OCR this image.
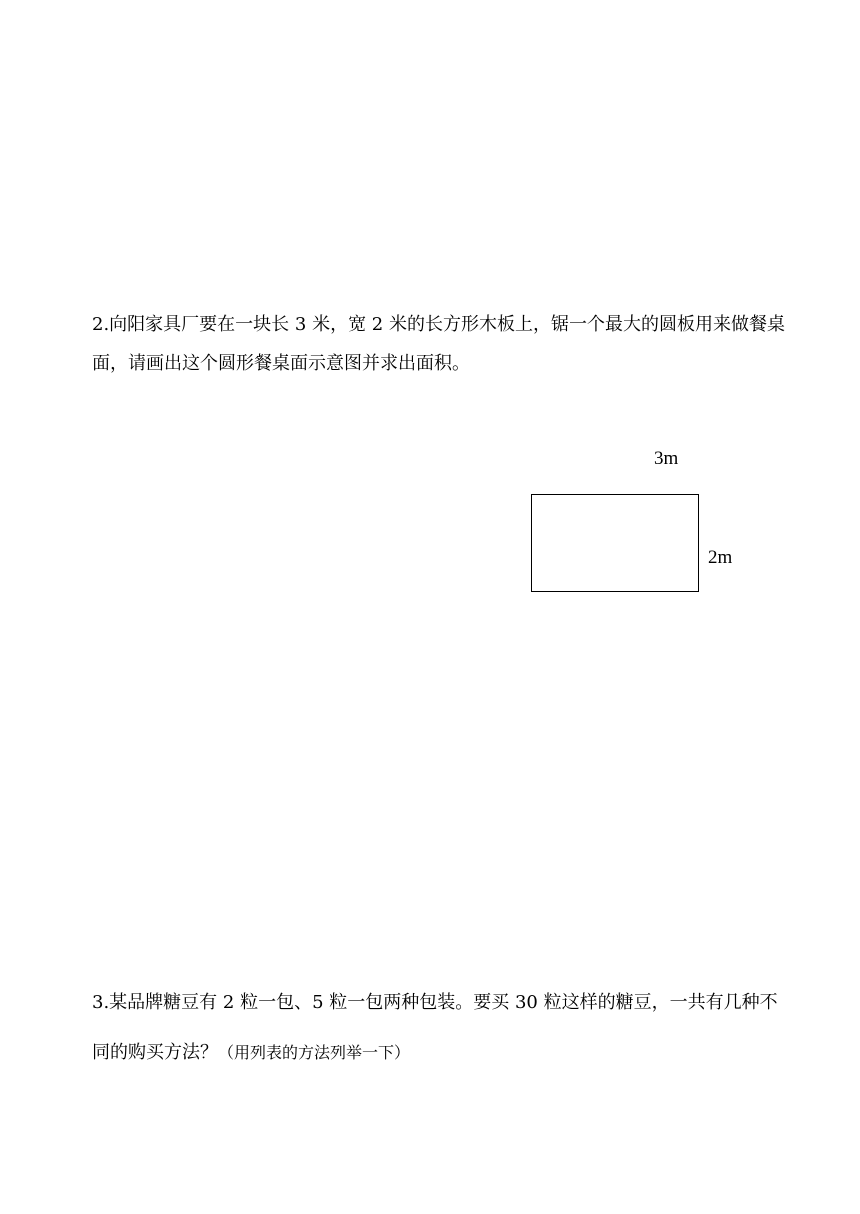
2.向阳家具厂要在一块长 3 米，宽 2 米的长方形木板上，锯一个最大的圆板用来做餐桌面，请画出这个圆形餐桌面示意图并求出面积。

3m
2m

3.某品牌糖豆有 2 粒一包、5 粒一包两种包装。要买 30 粒这样的糖豆，一共有几种不同的购买方法？（用列表的方法列举一下）
